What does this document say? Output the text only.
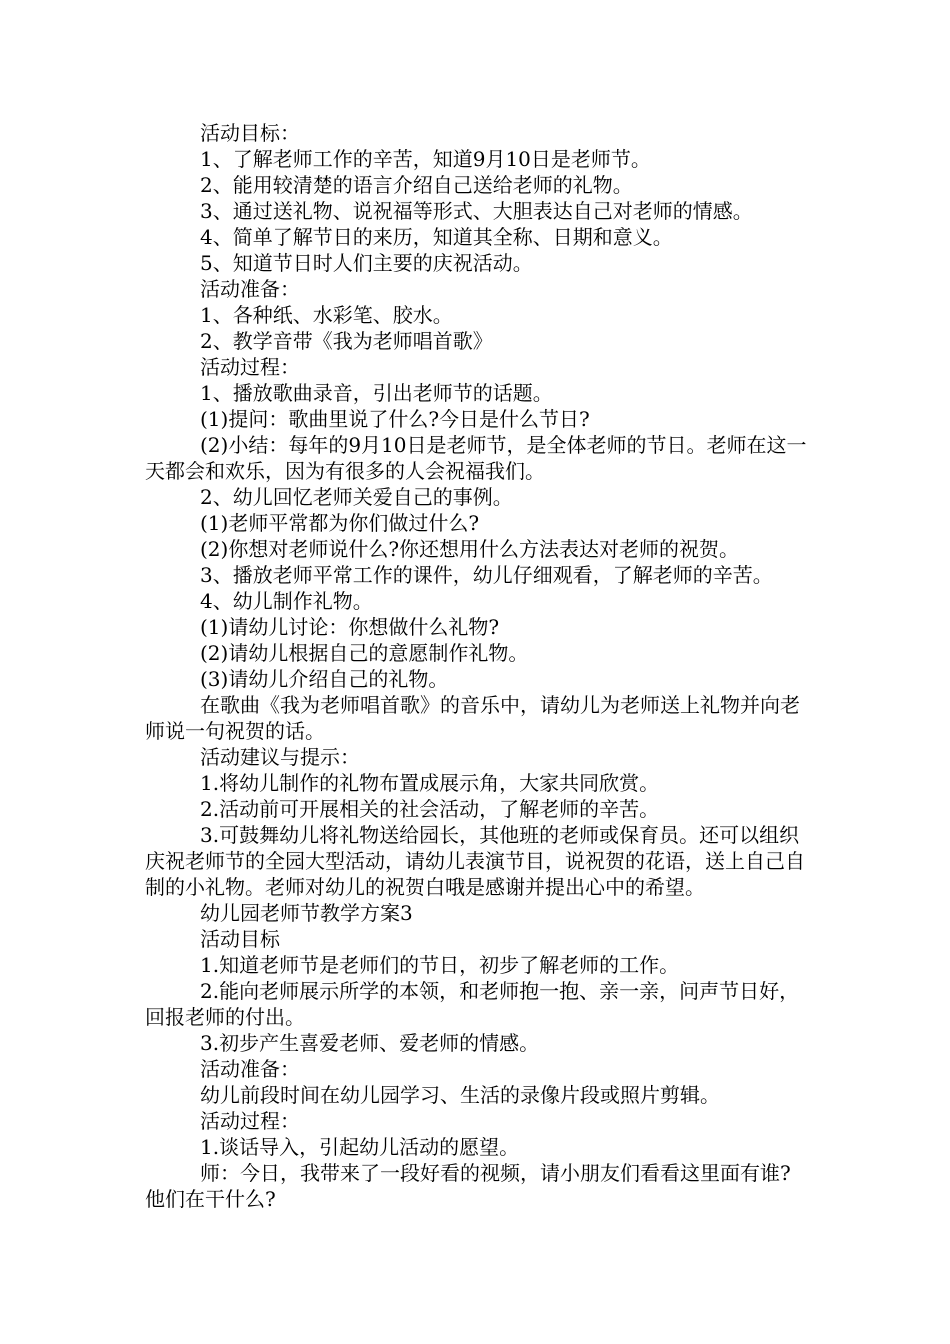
活动目标：

1、了解老师工作的辛苦，知道9月10日是老师节。

2、能用较清楚的语言介绍自己送给老师的礼物。

3、通过送礼物、说祝福等形式、大胆表达自己对老师的情感。

4、简单了解节日的来历，知道其全称、日期和意义。

5、知道节日时人们主要的庆祝活动。

活动准备：

1、各种纸、水彩笔、胶水。

2、教学音带《我为老师唱首歌》

活动过程：

1、播放歌曲录音，引出老师节的话题。

(1)提问：歌曲里说了什么?今日是什么节日?

(2)小结：每年的9月10日是老师节，是全体老师的节日。老师在这一天都会和欢乐，因为有很多的人会祝福我们。

2、幼儿回忆老师关爱自己的事例。

(1)老师平常都为你们做过什么?

(2)你想对老师说什么?你还想用什么方法表达对老师的祝贺。

3、播放老师平常工作的课件，幼儿仔细观看，了解老师的辛苦。

4、幼儿制作礼物。

(1)请幼儿讨论：你想做什么礼物?

(2)请幼儿根据自己的意愿制作礼物。

(3)请幼儿介绍自己的礼物。

在歌曲《我为老师唱首歌》的音乐中，请幼儿为老师送上礼物并向老师说一句祝贺的话。

活动建议与提示：

1.将幼儿制作的礼物布置成展示角，大家共同欣赏。

2.活动前可开展相关的社会活动，了解老师的辛苦。

3.可鼓舞幼儿将礼物送给园长，其他班的老师或保育员。还可以组织庆祝老师节的全园大型活动，请幼儿表演节目，说祝贺的花语，送上自己自制的小礼物。老师对幼儿的祝贺白哦是感谢并提出心中的希望。

幼儿园老师节教学方案3

活动目标

1.知道老师节是老师们的节日，初步了解老师的工作。

2.能向老师展示所学的本领，和老师抱一抱、亲一亲，问声节日好，回报老师的付出。

3.初步产生喜爱老师、爱老师的情感。

活动准备：

幼儿前段时间在幼儿园学习、生活的录像片段或照片剪辑。

活动过程：

1.谈话导入，引起幼儿活动的愿望。

师：今日，我带来了一段好看的视频，请小朋友们看看这里面有谁?他们在干什么?
